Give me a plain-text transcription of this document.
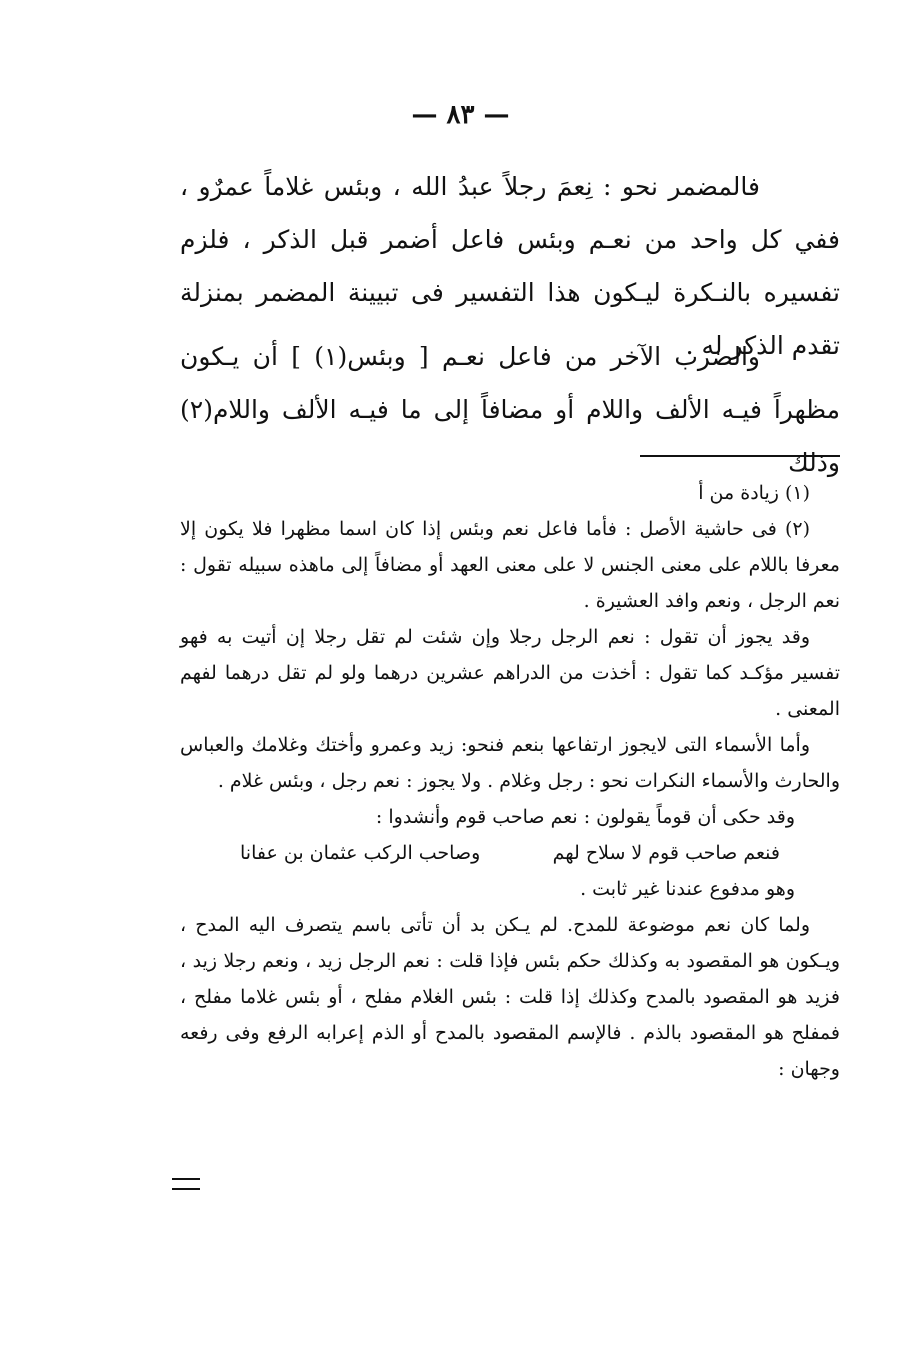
— ٨٣ —

فالمضمر نحو : نِعمَ رجلاً عبدُ الله ، وبئس غلاماً عمرٌو ، ففي كل واحد من نعـم وبئس فاعل أضمر قبل الذكر ، فلزم تفسيره بالنـكرة ليـكون هذا التفسير فى تبيينة المضمر بمنزلة تقدم الذكر له .

والضرب الآخر من فاعل نعـم [ وبئس(١) ] أن يـكون مظهراً فيـه الألف واللام أو مضافاً إلى ما فيـه الألف واللام(٢) وذلك

(١) زيادة من أ

(٢) فى حاشية الأصل : فأما فاعل نعم وبئس إذا كان اسما مظهرا فلا يكون إلا معرفا باللام على معنى الجنس لا على معنى العهد أو مضافاً إلى ماهذه سبيله تقول : نعم الرجل ، ونعم وافد العشيرة .

وقد يجوز أن تقول : نعم الرجل رجلا وإن شئت لم تقل رجلا إن أتيت به فهو تفسير مؤكـد كما تقول : أخذت من الدراهم عشرين درهما ولو لم تقل درهما لفهم المعنى .

وأما الأسماء التى لايجوز ارتفاعها بنعم فنحو: زيد وعمرو وأختك وغلامك والعباس والحارث والأسماء النكرات نحو : رجل وغلام . ولا يجوز : نعم رجل ، وبئس غلام .

وقد حكى أن قوماً يقولون : نعم صاحب قوم وأنشدوا :

فنعم صاحب قوم لا سلاح لهم
وصاحب الركب عثمان بن عفانا

وهو مدفوع عندنا غير ثابت .

ولما كان نعم موضوعة للمدح. لم يـكن بد أن تأتى باسم يتصرف اليه المدح ، ويـكون هو المقصود به وكذلك حكم بئس فإذا قلت : نعم الرجل زيد ، ونعم رجلا زيد ، فزيد هو المقصود بالمدح وكذلك إذا قلت : بئس الغلام مفلح ، أو بئس غلاما مفلح ، فمفلح هو المقصود بالذم . فالإسم المقصود بالمدح أو الذم إعرابه الرفع وفى رفعه وجهان :
